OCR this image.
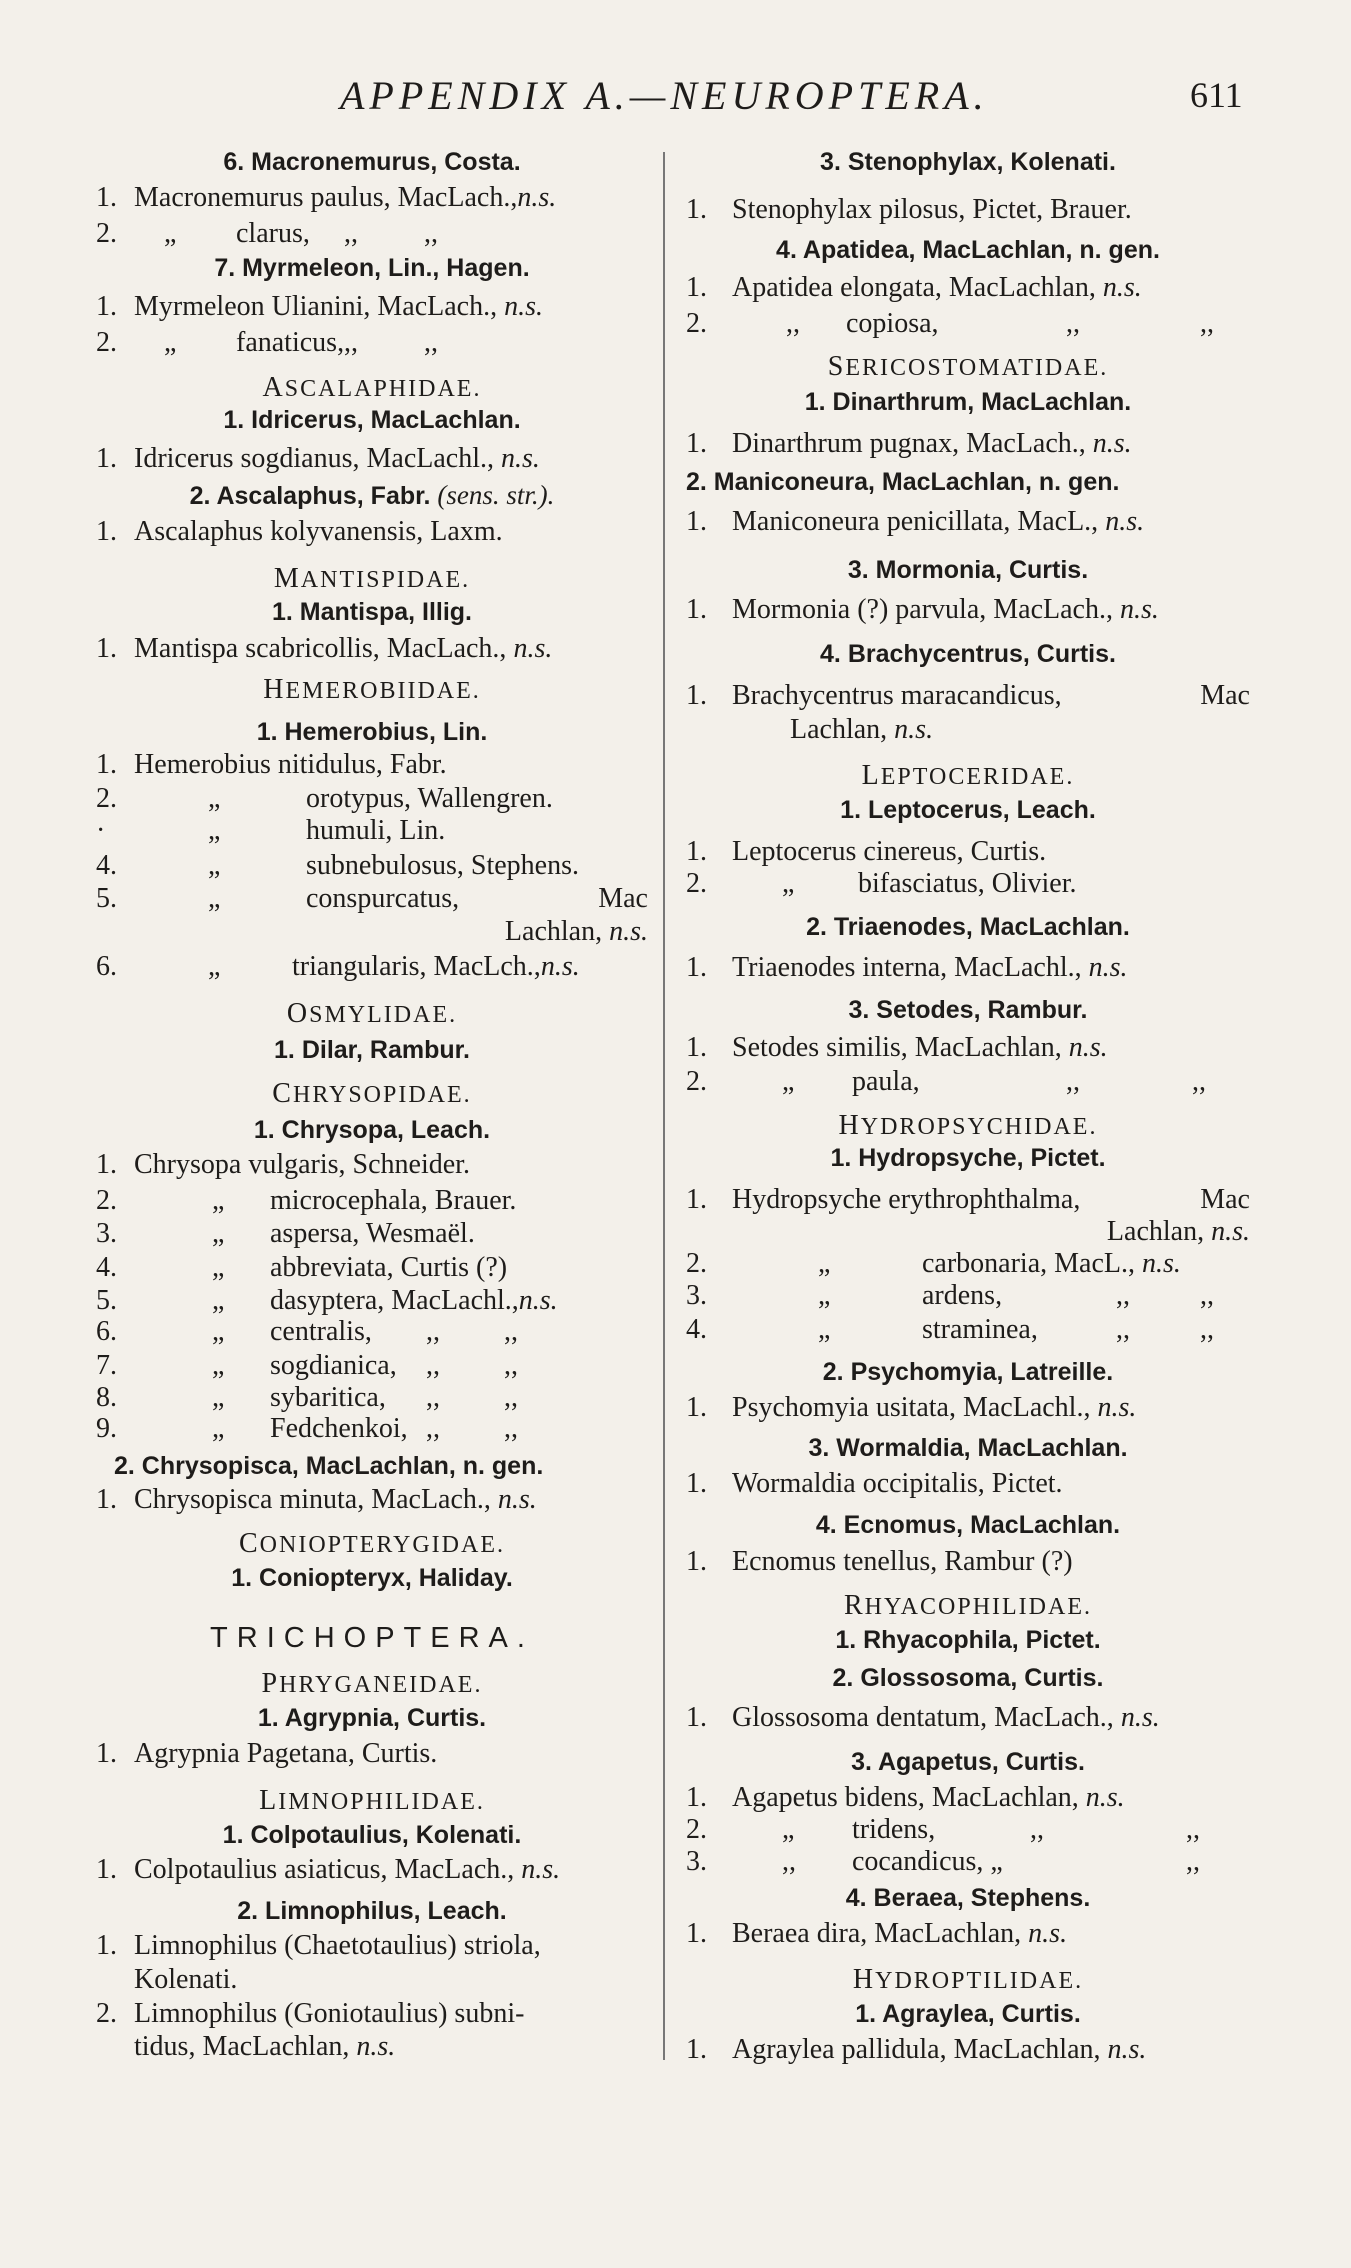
APPENDIX A.—NEUROPTERA.	611
6. Macronemurus, Costa.
1. Macronemurus paulus, MacLach.,n.s.
2. „ clarus, ,, ,,
7. Myrmeleon, Lin., Hagen.
1. Myrmeleon Ulianini, MacLach., n.s.
2. „ fanaticus, ,, ,,
ASCALAPHIDAE.
1. Idricerus, MacLachlan.
1. Idricerus sogdianus, MacLachl., n.s.
2. Ascalaphus, Fabr. (sens. str.).
1. Ascalaphus kolyvanensis, Laxm.
MANTISPIDAE.
1. Mantispa, Illig.
1. Mantispa scabricollis, MacLach., n.s.
HEMEROBIIDAE.
1. Hemerobius, Lin.
1. Hemerobius nitidulus, Fabr.
2.	„	orotypus, Wallengren.
·	„	humuli, Lin.
4.	„	subnebulosus, Stephens.
5.	„	conspurcatus,	Mac
Lachlan, n.s.
6.	„	triangularis, MacLch.,n.s.
OSMYLIDAE.
1. Dilar, Rambur.
CHRYSOPIDAE.
1. Chrysopa, Leach.
1. Chrysopa vulgaris, Schneider.
2.	„ microcephala, Brauer.
3.	„ aspersa, Wesmaël.
4.	„ abbreviata, Curtis (?)
5.	„ dasyptera, MacLachl.,n.s.
6.	„ centralis, ,, ,,
7.	„ sogdianica, ,, ,,
8.	„ sybaritica, ,, ,,
9.	„ Fedchenkoi, ,, ,,
2. Chrysopisca, MacLachlan, n. gen.
1. Chrysopisca minuta, MacLach., n.s.
CONIOPTERYGIDAE.
1. Coniopteryx, Haliday.
TRICHOPTERA.
PHRYGANEIDAE.
1. Agrypnia, Curtis.
1. Agrypnia Pagetana, Curtis.
LIMNOPHILIDAE.
1. Colpotaulius, Kolenati.
1. Colpotaulius asiaticus, MacLach., n.s.
2. Limnophilus, Leach.
1. Limnophilus (Chaetotaulius) striola,
Kolenati.
2. Limnophilus (Goniotaulius) subni-
tidus, MacLachlan, n.s.
3. Stenophylax, Kolenati.
1. Stenophylax pilosus, Pictet, Brauer.
4. Apatidea, MacLachlan, n. gen.
1. Apatidea elongata, MacLachlan, n.s.
2.	,, copiosa,	,,	,,
SERICOSTOMATIDAE.
1. Dinarthrum, MacLachlan.
1. Dinarthrum pugnax, MacLach., n.s.
2. Maniconeura, MacLachlan, n. gen.
1. Maniconeura penicillata, MacL., n.s.
3. Mormonia, Curtis.
1. Mormonia (?) parvula, MacLach., n.s.
4. Brachycentrus, Curtis.
1. Brachycentrus maracandicus,	Mac
Lachlan, n.s.
LEPTOCERIDAE.
1. Leptocerus, Leach.
1. Leptocerus cinereus, Curtis.
2.	„ bifasciatus, Olivier.
2. Triaenodes, MacLachlan.
1. Triaenodes interna, MacLachl., n.s.
3. Setodes, Rambur.
1. Setodes similis, MacLachlan, n.s.
2.	„ paula,	,,	,,
HYDROPSYCHIDAE.
1. Hydropsyche, Pictet.
1. Hydropsyche erythrophthalma,	Mac
Lachlan, n.s.
2.	„	carbonaria, MacL., n.s.
3.	„	ardens,	,,	,,
4.	„	straminea,	,,	,,
2. Psychomyia, Latreille.
1. Psychomyia usitata, MacLachl., n.s.
3. Wormaldia, MacLachlan.
1. Wormaldia occipitalis, Pictet.
4. Ecnomus, MacLachlan.
1. Ecnomus tenellus, Rambur (?)
RHYACOPHILIDAE.
1. Rhyacophila, Pictet.
2. Glossosoma, Curtis.
1. Glossosoma dentatum, MacLach., n.s.
3. Agapetus, Curtis.
1. Agapetus bidens, MacLachlan, n.s.
2.	„ tridens,	,,	,,
3.	,, cocandicus, „	,,
4. Beraea, Stephens.
1. Beraea dira, MacLachlan, n.s.
HYDROPTILIDAE.
1. Agraylea, Curtis.
1. Agraylea pallidula, MacLachlan, n.s.
